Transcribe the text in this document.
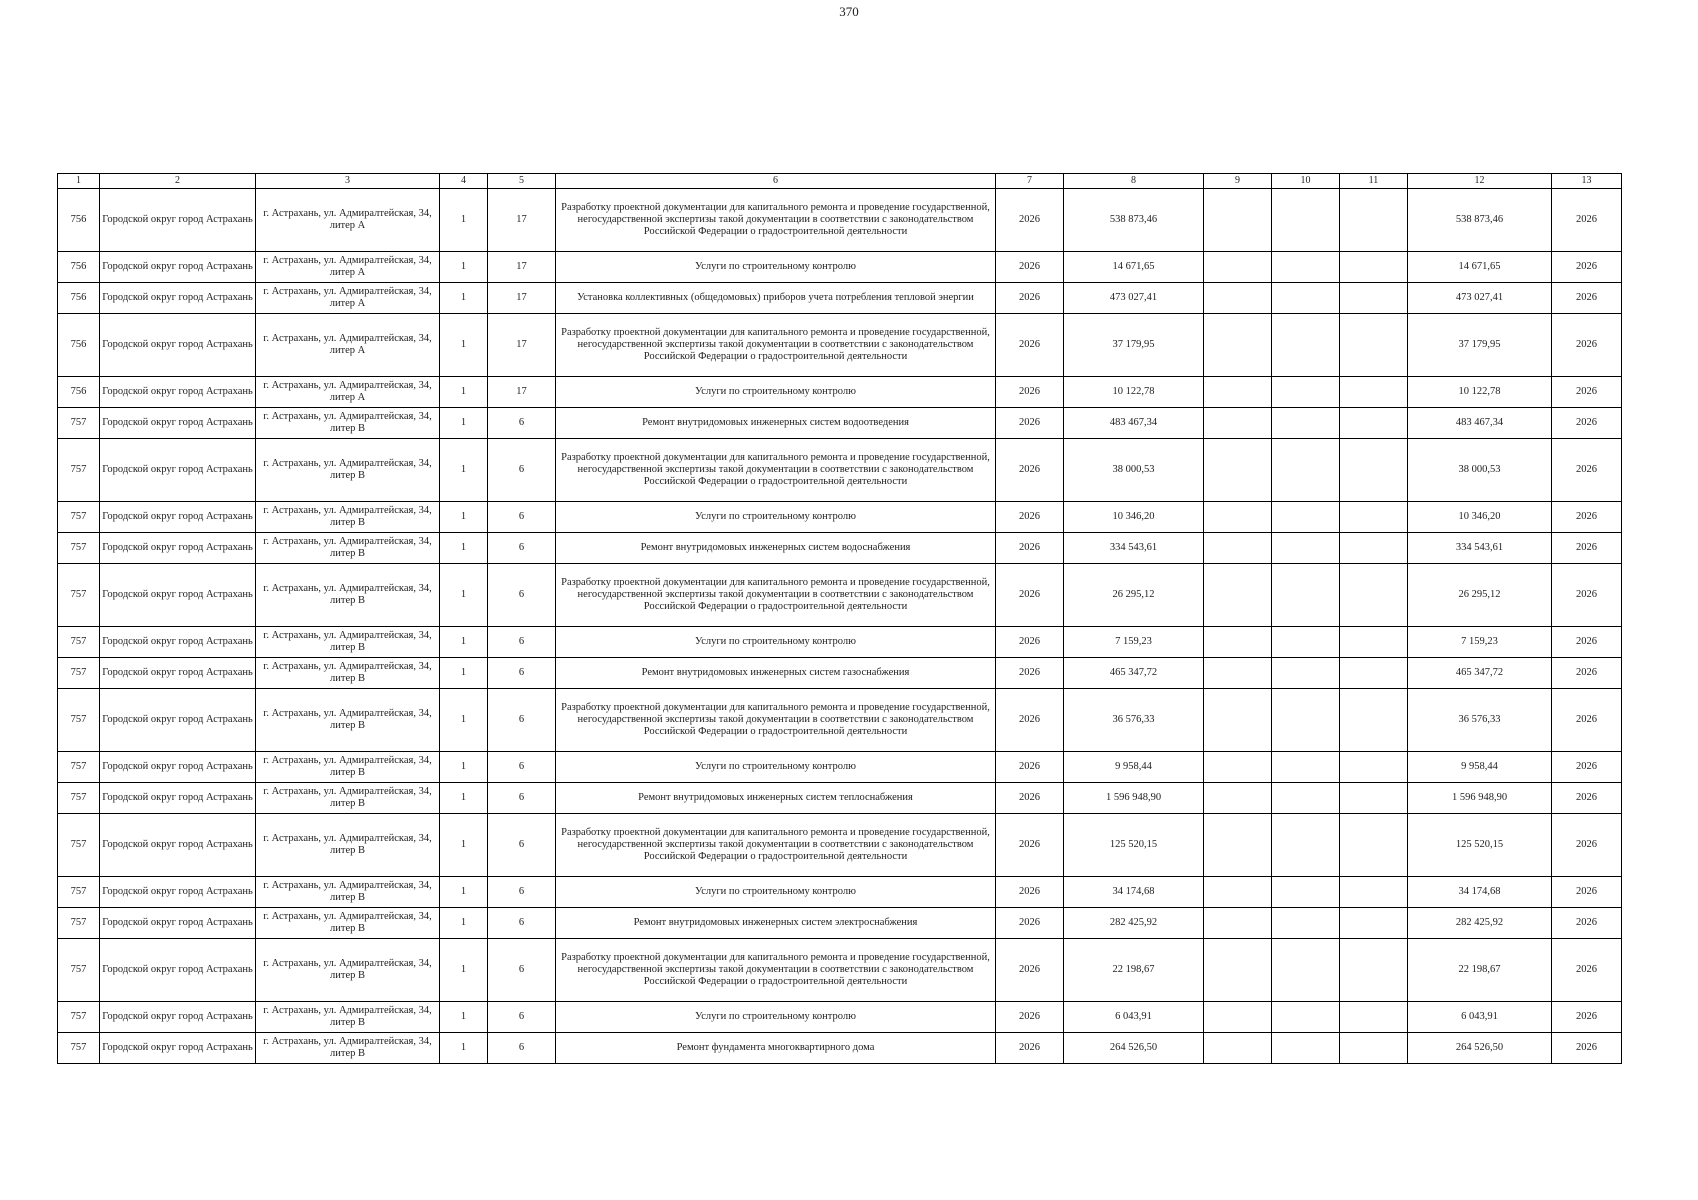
370
1	2	3	4	5	6	7	8	9	10	11	12	13
756	Городской округ город Астрахань	г. Астрахань, ул. Адмиралтейская, 34, литер А	1	17	Разработку проектной документации для капитального ремонта и проведение государственной, негосударственной экспертизы такой документации в соответствии с законодательством Российской Федерации о градостроительной деятельности	2026	538 873,46				538 873,46	2026
756	Городской округ город Астрахань	г. Астрахань, ул. Адмиралтейская, 34, литер А	1	17	Услуги по строительному контролю	2026	14 671,65				14 671,65	2026
756	Городской округ город Астрахань	г. Астрахань, ул. Адмиралтейская, 34, литер А	1	17	Установка коллективных (общедомовых) приборов учета потребления тепловой энергии	2026	473 027,41				473 027,41	2026
756	Городской округ город Астрахань	г. Астрахань, ул. Адмиралтейская, 34, литер А	1	17	Разработку проектной документации для капитального ремонта и проведение государственной, негосударственной экспертизы такой документации в соответствии с законодательством Российской Федерации о градостроительной деятельности	2026	37 179,95				37 179,95	2026
756	Городской округ город Астрахань	г. Астрахань, ул. Адмиралтейская, 34, литер А	1	17	Услуги по строительному контролю	2026	10 122,78				10 122,78	2026
757	Городской округ город Астрахань	г. Астрахань, ул. Адмиралтейская, 34, литер В	1	6	Ремонт внутридомовых инженерных систем водоотведения	2026	483 467,34				483 467,34	2026
757	Городской округ город Астрахань	г. Астрахань, ул. Адмиралтейская, 34, литер В	1	6	Разработку проектной документации для капитального ремонта и проведение государственной, негосударственной экспертизы такой документации в соответствии с законодательством Российской Федерации о градостроительной деятельности	2026	38 000,53				38 000,53	2026
757	Городской округ город Астрахань	г. Астрахань, ул. Адмиралтейская, 34, литер В	1	6	Услуги по строительному контролю	2026	10 346,20				10 346,20	2026
757	Городской округ город Астрахань	г. Астрахань, ул. Адмиралтейская, 34, литер В	1	6	Ремонт внутридомовых инженерных систем водоснабжения	2026	334 543,61				334 543,61	2026
757	Городской округ город Астрахань	г. Астрахань, ул. Адмиралтейская, 34, литер В	1	6	Разработку проектной документации для капитального ремонта и проведение государственной, негосударственной экспертизы такой документации в соответствии с законодательством Российской Федерации о градостроительной деятельности	2026	26 295,12				26 295,12	2026
757	Городской округ город Астрахань	г. Астрахань, ул. Адмиралтейская, 34, литер В	1	6	Услуги по строительному контролю	2026	7 159,23				7 159,23	2026
757	Городской округ город Астрахань	г. Астрахань, ул. Адмиралтейская, 34, литер В	1	6	Ремонт внутридомовых инженерных систем газоснабжения	2026	465 347,72				465 347,72	2026
757	Городской округ город Астрахань	г. Астрахань, ул. Адмиралтейская, 34, литер В	1	6	Разработку проектной документации для капитального ремонта и проведение государственной, негосударственной экспертизы такой документации в соответствии с законодательством Российской Федерации о градостроительной деятельности	2026	36 576,33				36 576,33	2026
757	Городской округ город Астрахань	г. Астрахань, ул. Адмиралтейская, 34, литер В	1	6	Услуги по строительному контролю	2026	9 958,44				9 958,44	2026
757	Городской округ город Астрахань	г. Астрахань, ул. Адмиралтейская, 34, литер В	1	6	Ремонт внутридомовых инженерных систем теплоснабжения	2026	1 596 948,90				1 596 948,90	2026
757	Городской округ город Астрахань	г. Астрахань, ул. Адмиралтейская, 34, литер В	1	6	Разработку проектной документации для капитального ремонта и проведение государственной, негосударственной экспертизы такой документации в соответствии с законодательством Российской Федерации о градостроительной деятельности	2026	125 520,15				125 520,15	2026
757	Городской округ город Астрахань	г. Астрахань, ул. Адмиралтейская, 34, литер В	1	6	Услуги по строительному контролю	2026	34 174,68				34 174,68	2026
757	Городской округ город Астрахань	г. Астрахань, ул. Адмиралтейская, 34, литер В	1	6	Ремонт внутридомовых инженерных систем электроснабжения	2026	282 425,92				282 425,92	2026
757	Городской округ город Астрахань	г. Астрахань, ул. Адмиралтейская, 34, литер В	1	6	Разработку проектной документации для капитального ремонта и проведение государственной, негосударственной экспертизы такой документации в соответствии с законодательством Российской Федерации о градостроительной деятельности	2026	22 198,67				22 198,67	2026
757	Городской округ город Астрахань	г. Астрахань, ул. Адмиралтейская, 34, литер В	1	6	Услуги по строительному контролю	2026	6 043,91				6 043,91	2026
757	Городской округ город Астрахань	г. Астрахань, ул. Адмиралтейская, 34, литер В	1	6	Ремонт фундамента многоквартирного дома	2026	264 526,50				264 526,50	2026
